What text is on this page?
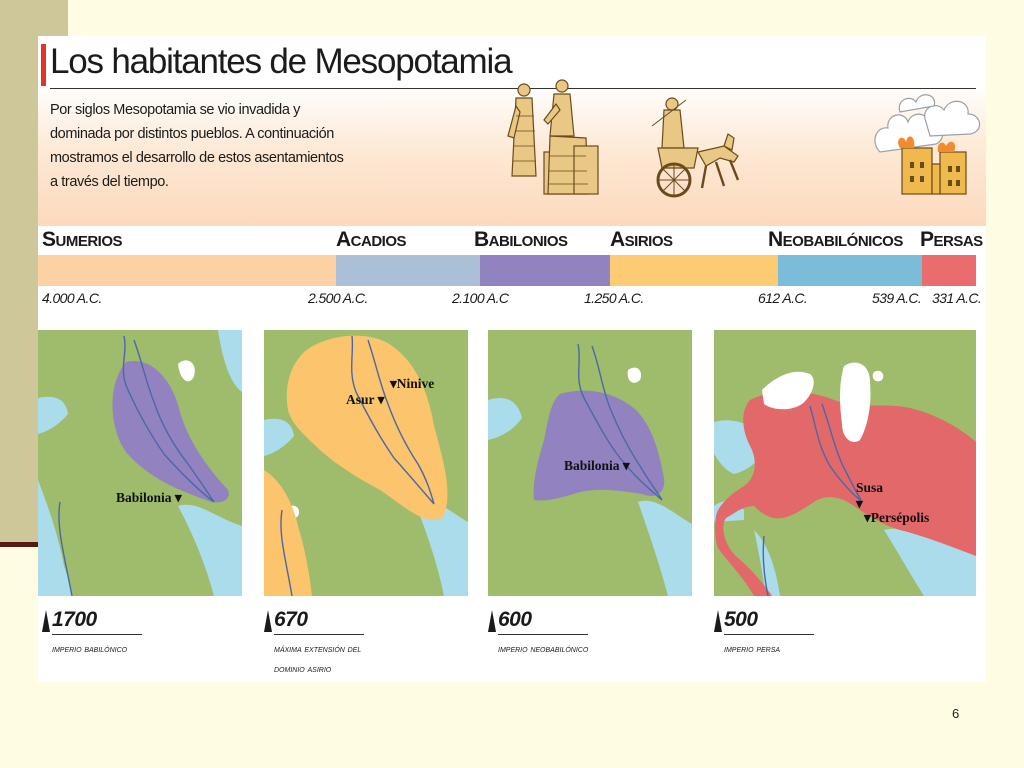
Los habitantes de Mesopotamia

Por siglos Mesopotamia se vio invadida y dominada por distintos pueblos. A continuación mostramos el desarrollo de estos asentamientos a través del tiempo.

Sumerios	Acadios	Babilonios Asirios	Neobabilónicos Persas
4.000 A.C.	2.500 A.C.	2.100 A.C	1.250 A.C.	612 A.C.	539 A.C. 331 A.C.
Babilonia ▾
Asur ▾
▾Ninive
Babilonia ▾
Susa
▾
▾Persépolis
1700
imperio babilónico
670
máxima extensión del dominio asirio
600
imperio neobabilónico
500
imperio persa
6
